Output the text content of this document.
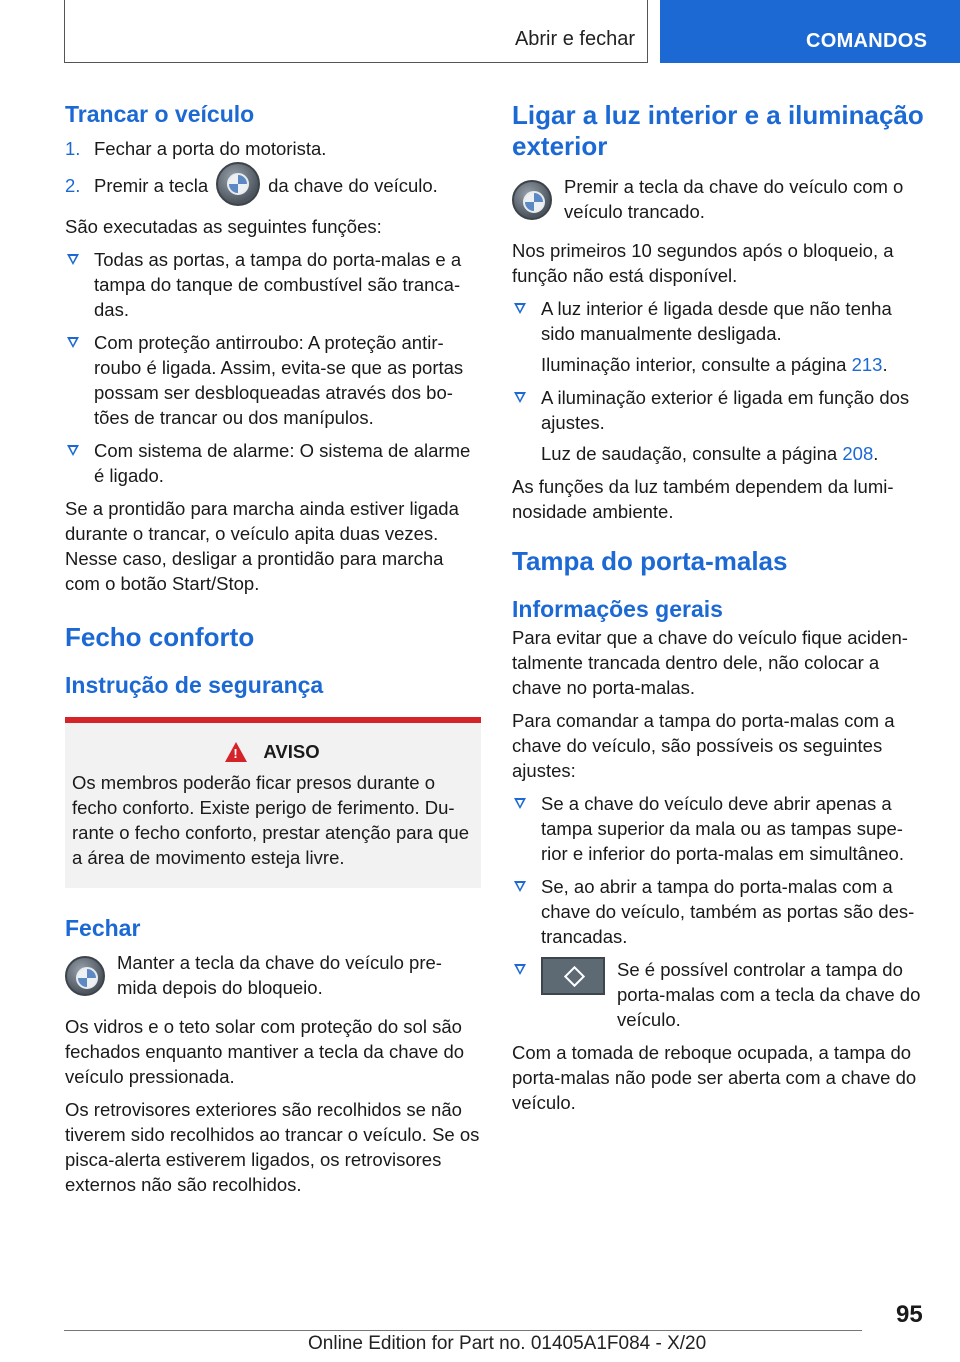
Abrir e fechar	COMANDOS
Trancar o veículo
1. Fechar a porta do motorista.
2. Premir a tecla	da chave do veículo.

São executadas as seguintes funções:

Todas as portas, a tampa do porta-malas e a tampa do tanque de combustível são tranca-das.
Com proteção antirroubo: A proteção antir-roubo é ligada. Assim, evita-se que as portas possam ser desbloqueadas através dos bo-tões de trancar ou dos manípulos.
Com sistema de alarme: O sistema de alarme é ligado.

Se a prontidão para marcha ainda estiver ligada durante o trancar, o veículo apita duas vezes. Nesse caso, desligar a prontidão para marcha com o botão Start/Stop.

Fecho conforto
Instrução de segurança
!
AVISO
Os membros poderão ficar presos durante o fecho conforto. Existe perigo de ferimento. Du-rante o fecho conforto, prestar atenção para que a área de movimento esteja livre.
Fechar
Manter a tecla da chave do veículo pre-mida depois do bloqueio.

Os vidros e o teto solar com proteção do sol são fechados enquanto mantiver a tecla da chave do veículo pressionada.

Os retrovisores exteriores são recolhidos se não tiverem sido recolhidos ao trancar o veículo. Se os pisca-alerta estiverem ligados, os retrovisores externos não são recolhidos.

Ligar a luz interior e a iluminação exterior
Premir a tecla da chave do veículo com o veículo trancado.

Nos primeiros 10 segundos após o bloqueio, a função não está disponível.

A luz interior é ligada desde que não tenha sido manualmente desligada.
Iluminação interior, consulte a página 213.
A iluminação exterior é ligada em função dos ajustes.
Luz de saudação, consulte a página 208.

As funções da luz também dependem da lumi-nosidade ambiente.

Tampa do porta-malas
Informações gerais

Para evitar que a chave do veículo fique aciden-talmente trancada dentro dele, não colocar a chave no porta-malas.

Para comandar a tampa do porta-malas com a chave do veículo, são possíveis os seguintes ajustes:

Se a chave do veículo deve abrir apenas a tampa superior da mala ou as tampas supe-rior e inferior do porta-malas em simultâneo.
Se, ao abrir a tampa do porta-malas com a chave do veículo, também as portas são des-trancadas.
Se é possível controlar a tampa do porta-malas com a tecla da chave do veículo.

Com a tomada de reboque ocupada, a tampa do porta-malas não pode ser aberta com a chave do veículo.

95
Online Edition for Part no. 01405A1F084 - X/20
